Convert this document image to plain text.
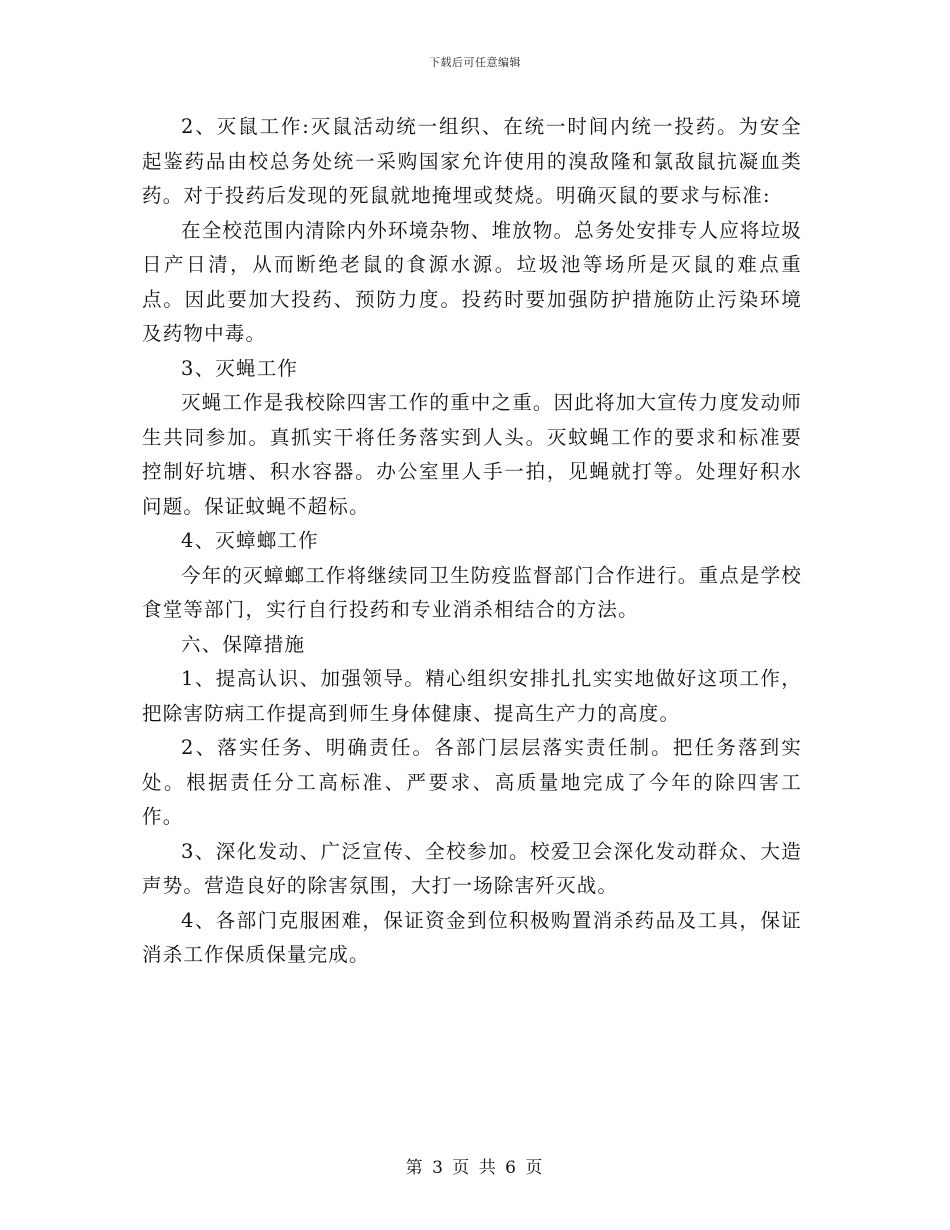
下载后可任意编辑

2、灭鼠工作:灭鼠活动统一组织、在统一时间内统一投药。为安全起鉴药品由校总务处统一采购国家允许使用的溴敌隆和氯敌鼠抗凝血类药。对于投药后发现的死鼠就地掩埋或焚烧。明确灭鼠的要求与标准:

在全校范围内清除内外环境杂物、堆放物。总务处安排专人应将垃圾日产日清，从而断绝老鼠的食源水源。垃圾池等场所是灭鼠的难点重点。因此要加大投药、预防力度。投药时要加强防护措施防止污染环境及药物中毒。

3、灭蝇工作

灭蝇工作是我校除四害工作的重中之重。因此将加大宣传力度发动师生共同参加。真抓实干将任务落实到人头。灭蚊蝇工作的要求和标准要控制好坑塘、积水容器。办公室里人手一拍，见蝇就打等。处理好积水问题。保证蚊蝇不超标。

4、灭蟑螂工作

今年的灭蟑螂工作将继续同卫生防疫监督部门合作进行。重点是学校食堂等部门，实行自行投药和专业消杀相结合的方法。

六、保障措施

1、提高认识、加强领导。精心组织安排扎扎实实地做好这项工作，把除害防病工作提高到师生身体健康、提高生产力的高度。

2、落实任务、明确责任。各部门层层落实责任制。把任务落到实处。根据责任分工高标准、严要求、高质量地完成了今年的除四害工作。

3、深化发动、广泛宣传、全校参加。校爱卫会深化发动群众、大造声势。营造良好的除害氛围，大打一场除害歼灭战。

4、各部门克服困难，保证资金到位积极购置消杀药品及工具，保证消杀工作保质保量完成。

第 3 页 共 6 页
